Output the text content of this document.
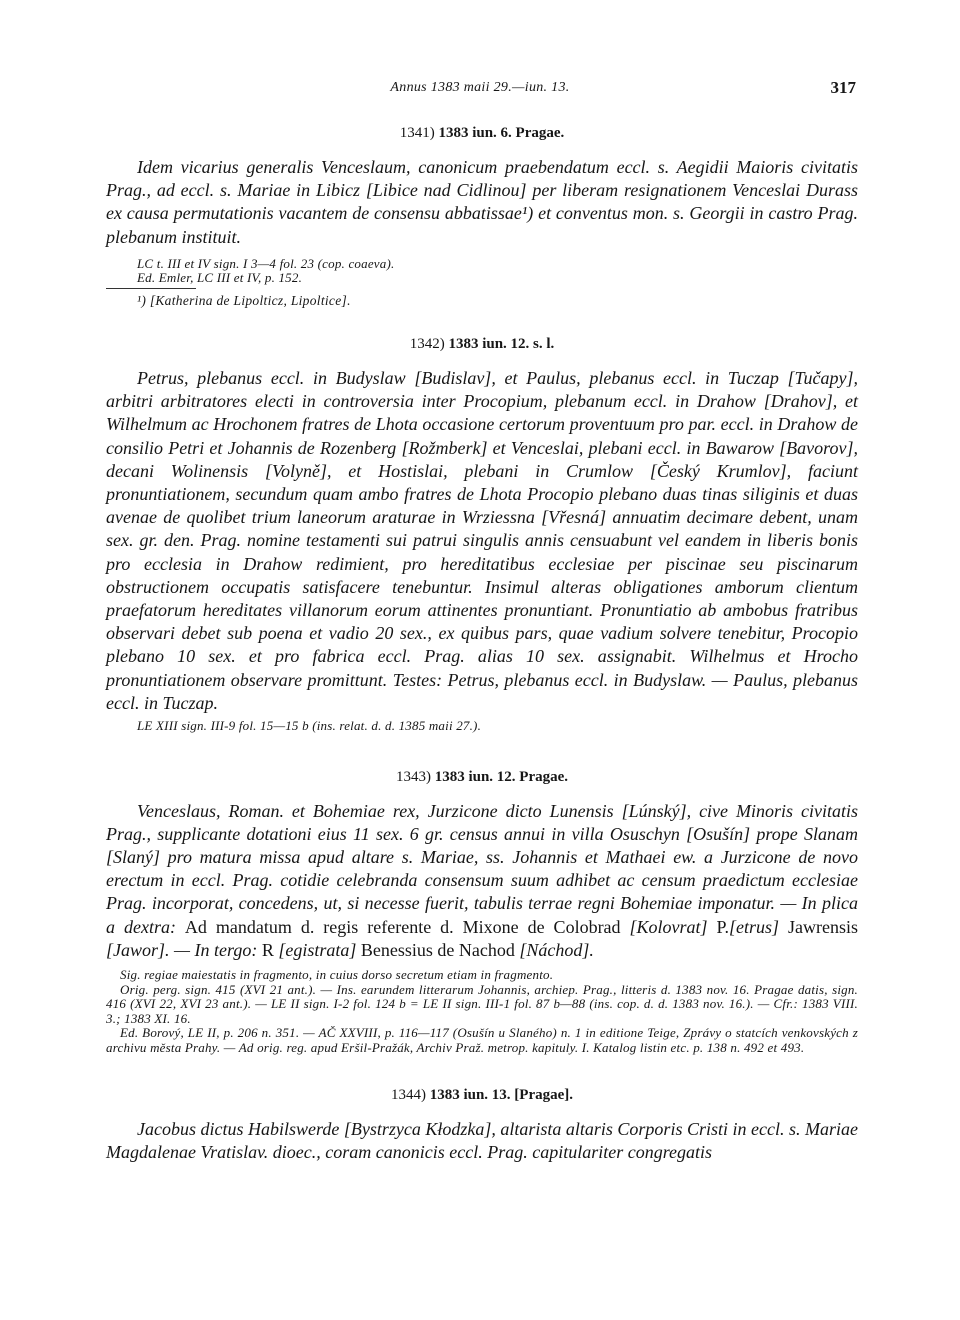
Annus 1383 maii 29.—iun. 13.	317

1341) 1383 iun. 6. Pragae.

Idem vicarius generalis Venceslaum, canonicum praebendatum eccl. s. Aegidii Maioris civitatis Prag., ad eccl. s. Mariae in Libicz [Libice nad Cidlinou] per liberam resignationem Venceslai Durass ex causa permutationis vacantem de consensu abbatissae¹) et conventus mon. s. Georgii in castro Prag. plebanum instituit.

LC t. III et IV sign. I 3—4 fol. 23 (cop. coaeva).

Ed. Emler, LC III et IV, p. 152.

¹) [Katherina de Lipolticz, Lipoltice].

1342) 1383 iun. 12. s. l.

Petrus, plebanus eccl. in Budyslaw [Budislav], et Paulus, plebanus eccl. in Tuczap [Tučapy], arbitri arbitratores electi in controversia inter Procopium, plebanum eccl. in Drahow [Drahov], et Wilhelmum ac Hrochonem fratres de Lhota occasione certorum proventuum pro par. eccl. in Drahow de consilio Petri et Johannis de Rozenberg [Rožmberk] et Venceslai, plebani eccl. in Bawarow [Bavorov], decani Wolinensis [Volyně], et Hostislai, plebani in Crumlow [Český Krumlov], faciunt pronuntiationem, secundum quam ambo fratres de Lhota Procopio plebano duas tinas siliginis et duas avenae de quolibet trium laneorum araturae in Wrziessna [Vřesná] annuatim decimare debent, unam sex. gr. den. Prag. nomine testamenti sui patrui singulis annis censuabunt vel eandem in liberis bonis pro ecclesia in Drahow redimient, pro hereditatibus ecclesiae per piscinae seu piscinarum obstructionem occupatis satisfacere tenebuntur. Insimul alteras obligationes amborum clientum praefatorum hereditates villanorum eorum attinentes pronuntiant. Pronuntiatio ab ambobus fratribus observari debet sub poena et vadio 20 sex., ex quibus pars, quae vadium solvere tenebitur, Procopio plebano 10 sex. et pro fabrica eccl. Prag. alias 10 sex. assignabit. Wilhelmus et Hrocho pronuntiationem observare promittunt. Testes: Petrus, plebanus eccl. in Budyslaw. — Paulus, plebanus eccl. in Tuczap.

LE XIII sign. III-9 fol. 15—15 b (ins. relat. d. d. 1385 maii 27.).

1343) 1383 iun. 12. Pragae.

Venceslaus, Roman. et Bohemiae rex, Jurzicone dicto Lunensis [Lúnský], cive Minoris civitatis Prag., supplicante dotationi eius 11 sex. 6 gr. census annui in villa Osuschyn [Osušín] prope Slanam [Slaný] pro matura missa apud altare s. Mariae, ss. Johannis et Mathaei ew. a Jurzicone de novo erectum in eccl. Prag. cotidie celebranda consensum suum adhibet ac censum praedictum ecclesiae Prag. incorporat, concedens, ut, si necesse fuerit, tabulis terrae regni Bohemiae imponatur. — In plica a dextra: Ad mandatum d. regis referente d. Mixone de Colobrad [Kolovrat] P.[etrus] Jawrensis [Jawor]. — In tergo: R [egistrata] Benessius de Nachod [Náchod].

Sig. regiae maiestatis in fragmento, in cuius dorso secretum etiam in fragmento.

Orig. perg. sign. 415 (XVI 21 ant.). — Ins. earundem litterarum Johannis, archiep. Prag., litteris d. 1383 nov. 16. Pragae datis, sign. 416 (XVI 22, XVI 23 ant.). — LE II sign. I-2 fol. 124 b = LE II sign. III-1 fol. 87 b—88 (ins. cop. d. d. 1383 nov. 16.). — Cfr.: 1383 VIII. 3.; 1383 XI. 16.

Ed. Borový, LE II, p. 206 n. 351. — AČ XXVIII, p. 116—117 (Osušín u Slaného) n. 1 in editione Teige, Zprávy o statcích venkovských z archivu města Prahy. — Ad orig. reg. apud Eršil-Pražák, Archiv Praž. metrop. kapituly. I. Katalog listin etc. p. 138 n. 492 et 493.

1344) 1383 iun. 13. [Pragae].

Jacobus dictus Habilswerde [Bystrzyca Kłodzka], altarista altaris Corporis Cristi in eccl. s. Mariae Magdalenae Vratislav. dioec., coram canonicis eccl. Prag. capitulariter congregatis
